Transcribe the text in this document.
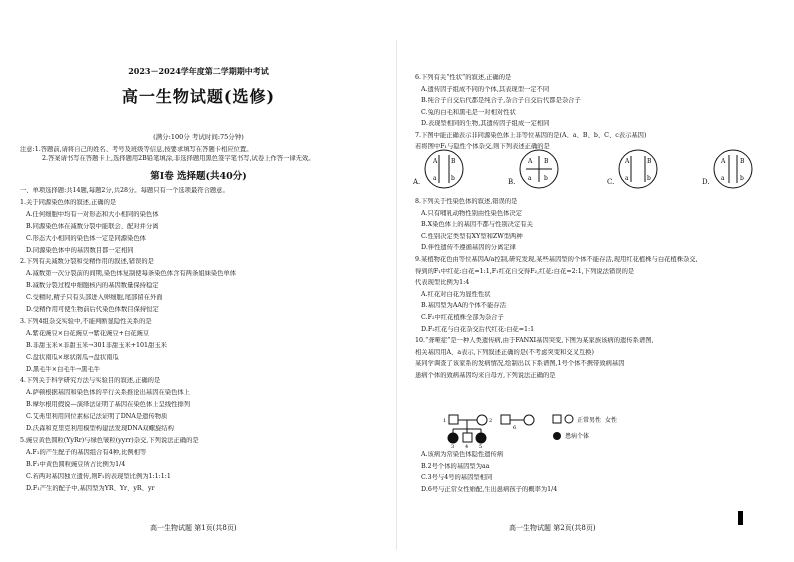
2023－2024学年度第二学期期中考试
高一生物试题(选修)
(满分:100分 考试时间:75分钟)
注意:1.答题前,请将自己的姓名、考号及班级等信息,按要求填写在答题卡相应位置。
2.答案请书写在答题卡上,选择题用2B铅笔填涂,非选择题用黑色签字笔书写,试卷上作答一律无效。
第Ⅰ卷 选择题(共40分)
一、单项选择题:共14题,每题2分,共28分。每题只有一个选项最符合题意。
1.关于同源染色体的叙述,正确的是
A.任何细胞中均有一对形态和大小相同的染色体
B.同源染色体在减数分裂中能联会、配对并分离
C.形态大小相同的染色体一定是同源染色体
D.同源染色体中的基因数目都一定相同
2.下列有关减数分裂和受精作用的叙述,错误的是
A.减数第一次分裂前的间期,染色体复制使每条染色体含有两条姐妹染色单体
B.减数分裂过程中细胞核内的基因数量保持稳定
C.受精时,精子只有头部进入卵细胞,尾部留在外面
D.受精作用可使生物前后代染色体数目保持恒定
3.下列4组杂交实验中,不能判断显隐性关系的是
A.紫花豌豆×白花豌豆→紫花豌豆+白花豌豆
B.非甜玉米×非甜玉米→301非甜玉米+101甜玉米
C.盘状南瓜×球状南瓜→盘状南瓜
D.黑毛牛×白毛牛→黑毛牛
4.下列关于科学研究方法与实验目的叙述,正确的是
A.萨顿根据基因和染色体的平行关系推论出基因在染色体上
B.摩尔根用假说—演绎法证明了基因在染色体上呈线性排列
C.艾弗里利用同位素标记法证明了DNA是遗传物质
D.沃森和克里克利用模型构建法发现DNA双螺旋结构
5.豌豆黄色圆粒(YyRr)与绿色皱粒(yyrr)杂交,下列说法正确的是
A.F₁的产生配子的基因组合有4种,比例相等
B.F₁中黄色圆粒豌豆所占比例为1/4
C.若两对基因独立遗传,则F₁的表现型比例为1:1:1:1
D.F₁产生的配子中,基因型为YR、Yr、yR、yr
高一生物试题 第1页(共8页)
6.下列有关“性状”的叙述,正确的是
A.遗传因子组成不同的个体,其表现型一定不同
B.纯合子自交后代都是纯合子,杂合子自交后代都是杂合子
C.兔的白毛和黑毛是一对相对性状
D.表现型相同的生物,其遗传因子组成一定相同
7.下图中能正确表示非同源染色体上非等位基因的是(A、a、B、b、C、c表示基因)
若将图中F₁与隐性个体杂交,则下列表述正确的是
A.
A B
a b	B.
A B
a b	C.
A	B
a	b	D.
A B
a	b
8.下列关于性染色体的叙述,错误的是
A.只有哺乳动物性别由性染色体决定
B.X染色体上的基因不都与性别决定有关
C.性别决定类型有XY型和ZW型两种
D.伴性遗传不遵循基因的分离定律
9.某植物花色由等位基因A/a控制,研究发现,某些基因型的个体不能存活,现用红花植株与白花植株杂交,
得到的F₁中红花:白花=1:1,F₁红花自交得F₂,红花:白花=2:1,下列说法错误的是
代表现型比例为1:4
A.红花对白花为显性性状
B.基因型为AA的个体不能存活
C.F₂中红花植株全部为杂合子
D.F₂红花与白花杂交后代红花:白花=1:1
10.“聋哑症”是一种人类遗传病,由于FANXI基因突变,下图为某家族该病的遗传系谱图,
相关基因用A、a表示,下列叙述正确的是(不考虑突变和交叉互换)
某同学调查了该家系的发病情况,绘制出以下系谱图,1号个体不携带致病基因
患病个体的致病基因均来自母方,下列说法正确的是
3 4 5
1	2
6
正常男性 女性
患病个体
A.该病为常染色体隐性遗传病
B.2号个体的基因型为aa
C.3号与4号的基因型相同
D.6号与正常女性婚配,生出患病孩子的概率为1/4
高一生物试题 第2页(共8页)
